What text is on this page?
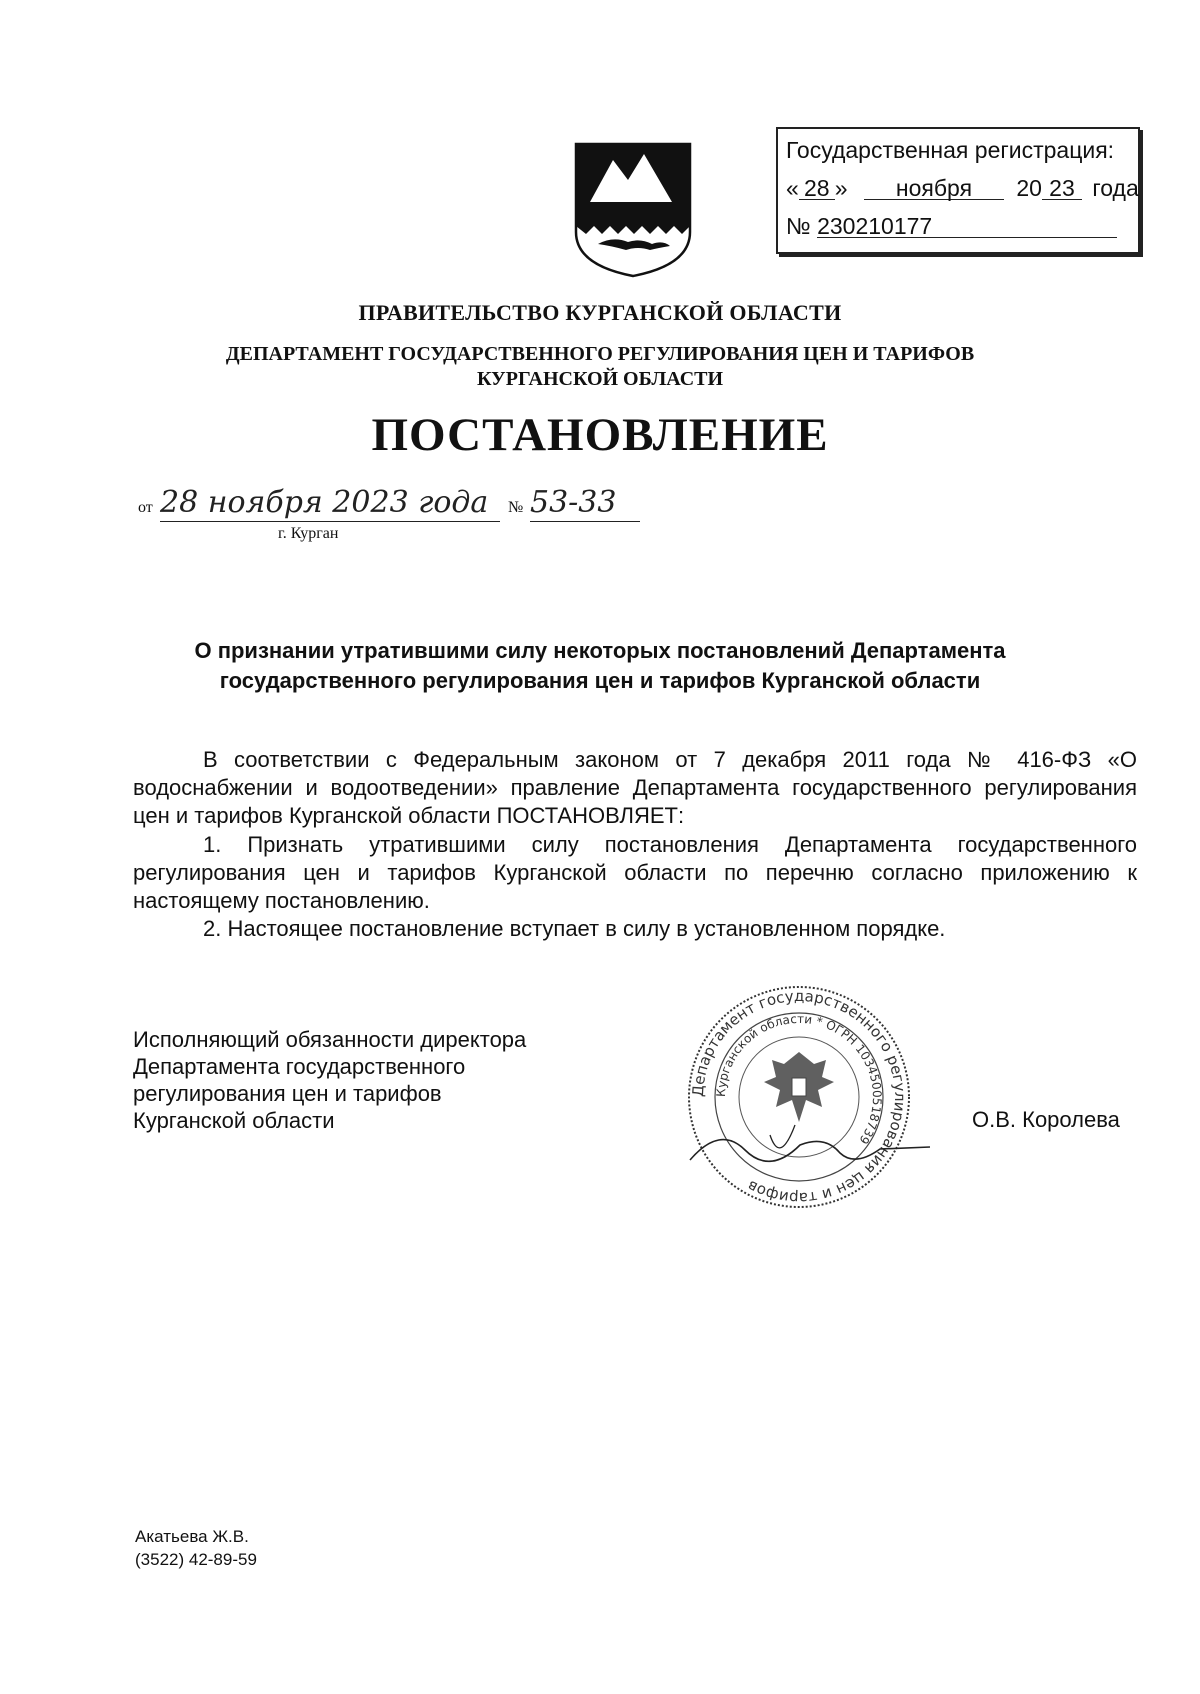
Государственная регистрация:
« 28 » ноября 20 23 года
№ 230210177
ПРАВИТЕЛЬСТВО КУРГАНСКОЙ ОБЛАСТИ
ДЕПАРТАМЕНТ ГОСУДАРСТВЕННОГО РЕГУЛИРОВАНИЯ ЦЕН И ТАРИФОВ
КУРГАНСКОЙ ОБЛАСТИ
ПОСТАНОВЛЕНИЕ
от 28 ноября 2023 года	№ 53-33
г. Курган
О признании утратившими силу некоторых постановлений Департамента
государственного регулирования цен и тарифов Курганской области
В соответствии с Федеральным законом от 7 декабря 2011 года № 416-ФЗ «О водоснабжении и водоотведении» правление Департамента государственного регулирования цен и тарифов Курганской области ПОСТАНОВЛЯЕТ:
1. Признать утратившими силу постановления Департамента государственного регулирования цен и тарифов Курганской области по перечню согласно приложению к настоящему постановлению.
2. Настоящее постановление вступает в силу в установленном порядке.
Департамент государственного регулирования цен и тарифов
Курганской области * ОГРН 1034500518739
Исполняющий обязанности директора
Департамента государственного
регулирования цен и тарифов
Курганской области	О.В. Королева
Акатьева Ж.В.
(3522) 42-89-59
